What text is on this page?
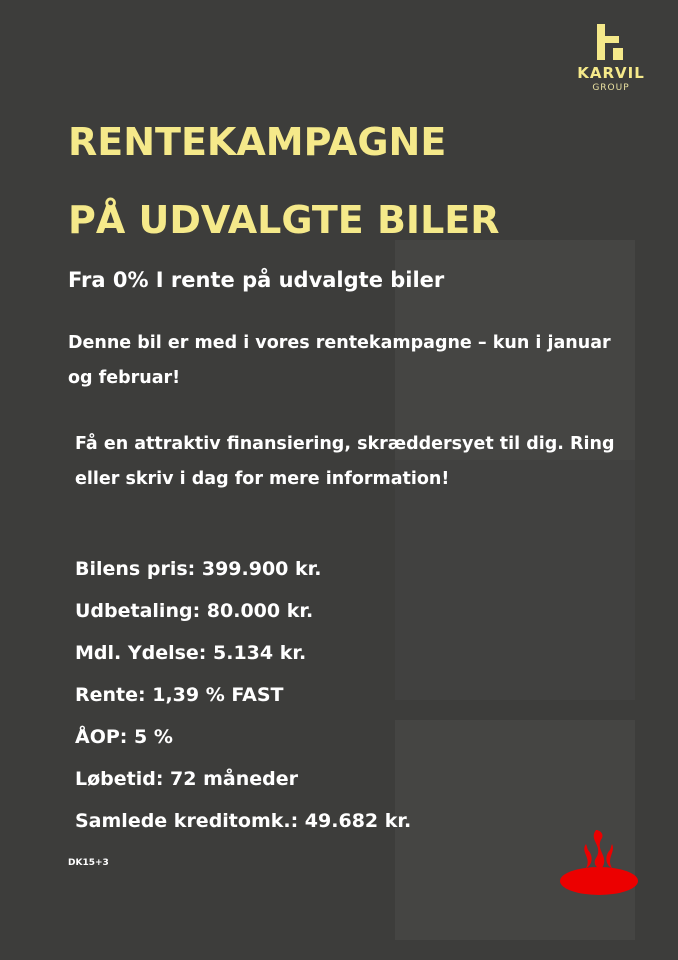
KARVIL
GROUP
RENTEKAMPAGNE
PÅ UDVALGTE BILER
Fra 0% I rente på udvalgte biler
Denne bil er med i vores rentekampagne – kun i januar og februar!
Få en attraktiv finansiering, skræddersyet til dig. Ring eller skriv i dag for mere information!
Bilens pris: 399.900 kr.
Udbetaling: 80.000 kr.
Mdl. Ydelse: 5.134 kr.
Rente: 1,39 % FAST
ÅOP: 5 %
Løbetid: 72 måneder
Samlede kreditomk.: 49.682 kr.
DK15+3
